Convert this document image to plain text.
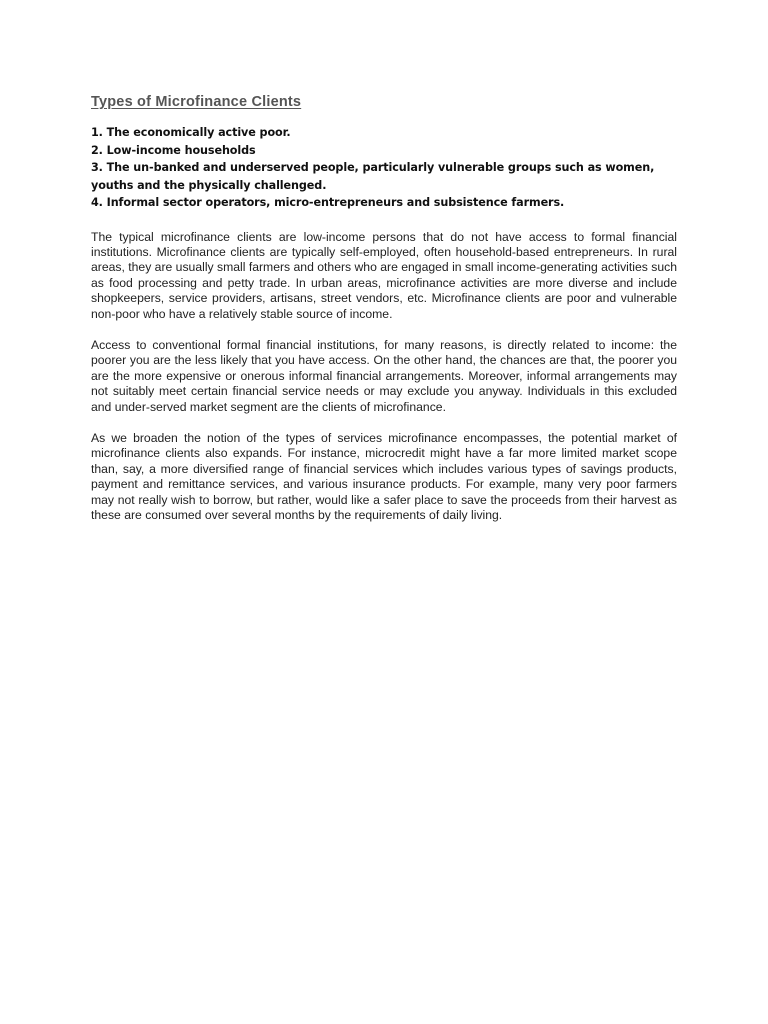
Types of Microfinance Clients
1. The economically active poor.
2. Low-income households
3. The un-banked and underserved people, particularly vulnerable groups such as women, youths and the physically challenged.
4. Informal sector operators, micro-entrepreneurs and subsistence farmers.

The typical microfinance clients are low-income persons that do not have access to formal financial institutions. Microfinance clients are typically self-employed, often household-based entrepreneurs. In rural areas, they are usually small farmers and others who are engaged in small income-generating activities such as food processing and petty trade. In urban areas, microfinance activities are more diverse and include shopkeepers, service providers, artisans, street vendors, etc. Microfinance clients are poor and vulnerable non-poor who have a relatively stable source of income.

Access to conventional formal financial institutions, for many reasons, is directly related to income: the poorer you are the less likely that you have access. On the other hand, the chances are that, the poorer you are the more expensive or onerous informal financial arrangements. Moreover, informal arrangements may not suitably meet certain financial service needs or may exclude you anyway. Individuals in this excluded and under-served market segment are the clients of microfinance.

As we broaden the notion of the types of services microfinance encompasses, the potential market of microfinance clients also expands. For instance, microcredit might have a far more limited market scope than, say, a more diversified range of financial services which includes various types of savings products, payment and remittance services, and various insurance products. For example, many very poor farmers may not really wish to borrow, but rather, would like a safer place to save the proceeds from their harvest as these are consumed over several months by the requirements of daily living.
